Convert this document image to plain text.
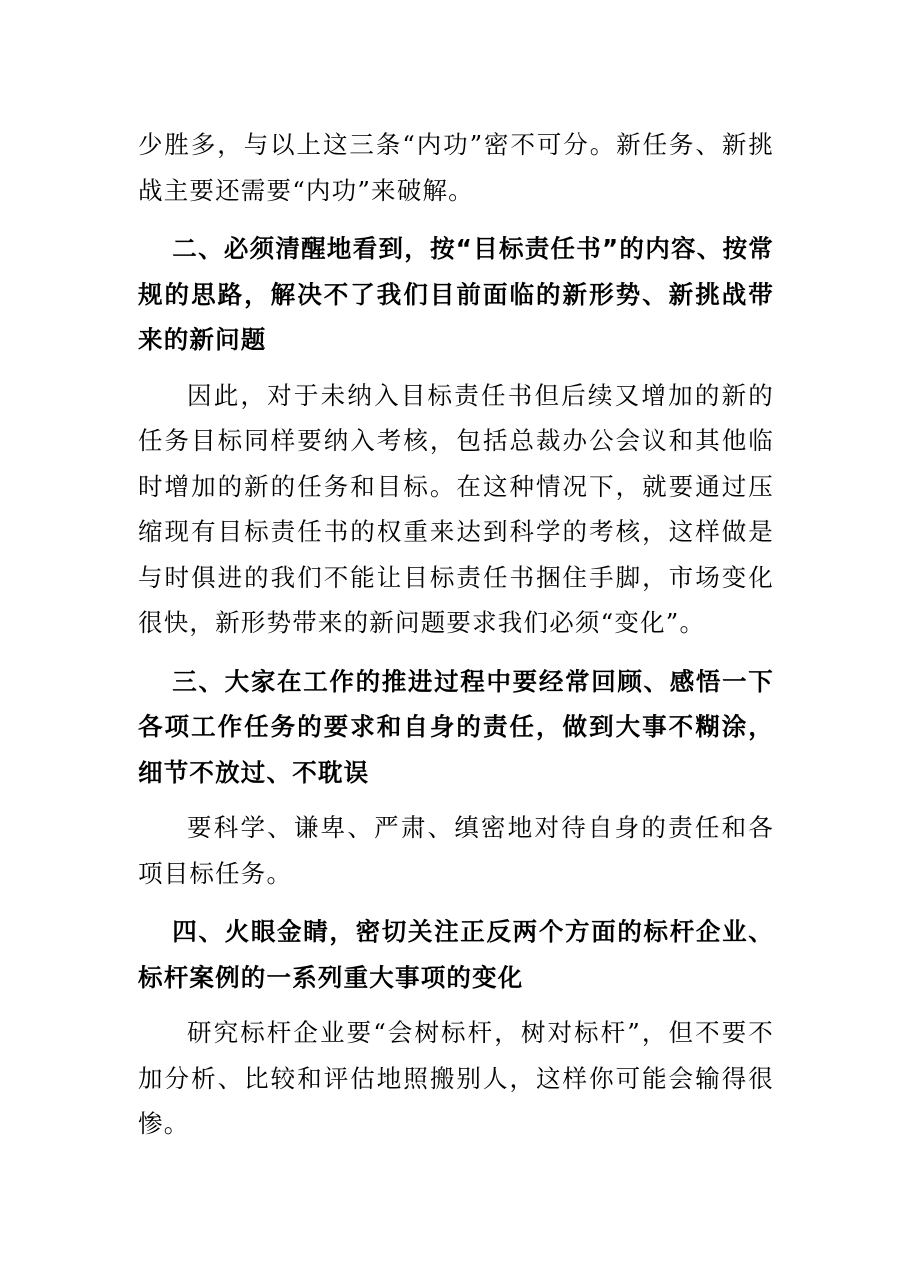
少胜多，与以上这三条“内功”密不可分。新任务、新挑战主要还需要“内功”来破解。

二、必须清醒地看到，按“目标责任书”的内容、按常规的思路，解决不了我们目前面临的新形势、新挑战带来的新问题

因此，对于未纳入目标责任书但后续又增加的新的任务目标同样要纳入考核，包括总裁办公会议和其他临时增加的新的任务和目标。在这种情况下，就要通过压缩现有目标责任书的权重来达到科学的考核，这样做是与时俱进的我们不能让目标责任书捆住手脚，市场变化很快，新形势带来的新问题要求我们必须“变化”。

三、大家在工作的推进过程中要经常回顾、感悟一下各项工作任务的要求和自身的责任，做到大事不糊涂，细节不放过、不耽误

要科学、谦卑、严肃、缜密地对待自身的责任和各项目标任务。

四、火眼金睛，密切关注正反两个方面的标杆企业、标杆案例的一系列重大事项的变化

研究标杆企业要“会树标杆，树对标杆”，但不要不加分析、比较和评估地照搬别人，这样你可能会输得很惨。
